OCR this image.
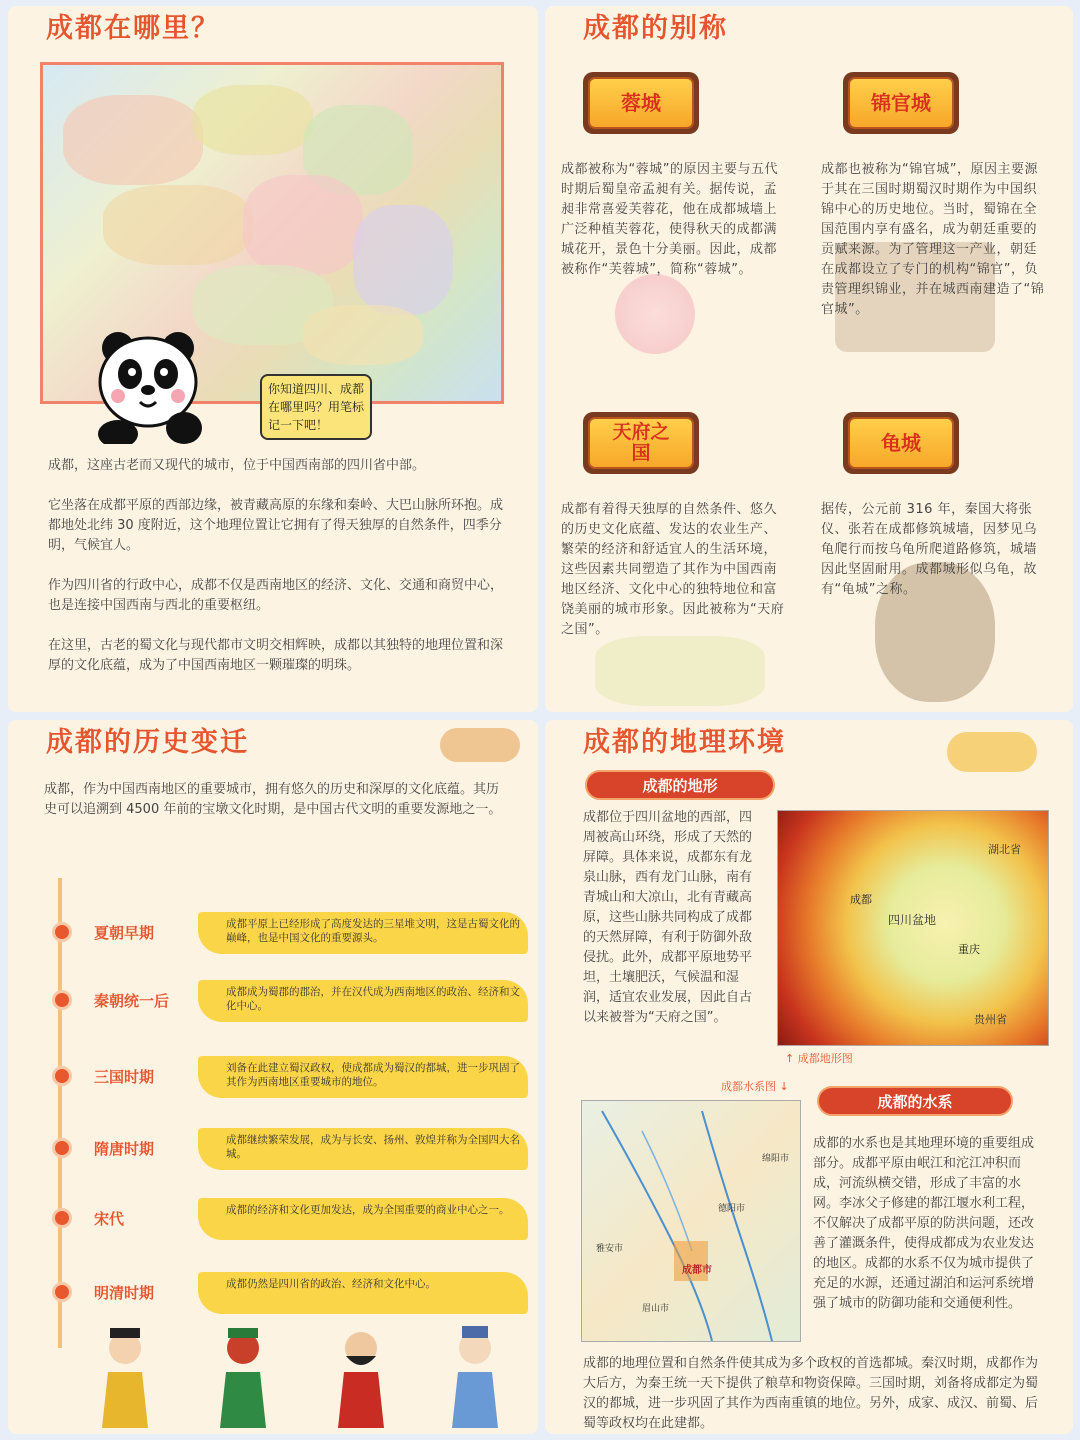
成都在哪里？
你知道四川、成都在哪里吗？用笔标记一下吧！
成都，这座古老而又现代的城市，位于中国西南部的四川省中部。
它坐落在成都平原的西部边缘，被青藏高原的东缘和秦岭、大巴山脉所环抱。成都地处北纬 30 度附近，这个地理位置让它拥有了得天独厚的自然条件，四季分明，气候宜人。
作为四川省的行政中心，成都不仅是西南地区的经济、文化、交通和商贸中心，也是连接中国西南与西北的重要枢纽。
在这里，古老的蜀文化与现代都市文明交相辉映，成都以其独特的地理位置和深厚的文化底蕴，成为了中国西南地区一颗璀璨的明珠。
成都的别称
蓉城
成都被称为“蓉城”的原因主要与五代时期后蜀皇帝孟昶有关。据传说，孟昶非常喜爱芙蓉花，他在成都城墙上广泛种植芙蓉花，使得秋天的成都满城花开，景色十分美丽。因此，成都被称作“芙蓉城”，简称“蓉城”。
锦官城
成都也被称为“锦官城”，原因主要源于其在三国时期蜀汉时期作为中国织锦中心的历史地位。当时，蜀锦在全国范围内享有盛名，成为朝廷重要的贡赋来源。为了管理这一产业，朝廷在成都设立了专门的机构“锦官”，负责管理织锦业，并在城西南建造了“锦官城”。
天府之国
成都有着得天独厚的自然条件、悠久的历史文化底蕴、发达的农业生产、繁荣的经济和舒适宜人的生活环境，这些因素共同塑造了其作为中国西南地区经济、文化中心的独特地位和富饶美丽的城市形象。因此被称为“天府之国”。
龟城
据传，公元前 316 年，秦国大将张仪、张若在成都修筑城墙，因梦见乌龟爬行而按乌龟所爬道路修筑，城墙因此坚固耐用。成都城形似乌龟，故有“龟城”之称。
成都的历史变迁
成都，作为中国西南地区的重要城市，拥有悠久的历史和深厚的文化底蕴。其历史可以追溯到 4500 年前的宝墩文化时期，是中国古代文明的重要发源地之一。
夏朝早期	成都平原上已经形成了高度发达的三星堆文明，这是古蜀文化的巅峰，也是中国文化的重要源头。
秦朝统一后	成都成为蜀郡的郡治，并在汉代成为西南地区的政治、经济和文化中心。
三国时期	刘备在此建立蜀汉政权，使成都成为蜀汉的都城，进一步巩固了其作为西南地区重要城市的地位。
隋唐时期	成都继续繁荣发展，成为与长安、扬州、敦煌并称为全国四大名城。
宋代	成都的经济和文化更加发达，成为全国重要的商业中心之一。
明清时期	成都仍然是四川省的政治、经济和文化中心。
成都的地理环境
成都的地形
成都位于四川盆地的西部，四周被高山环绕，形成了天然的屏障。具体来说，成都东有龙泉山脉，西有龙门山脉，南有青城山和大凉山，北有青藏高原，这些山脉共同构成了成都的天然屏障，有利于防御外敌侵扰。此外，成都平原地势平坦，土壤肥沃，气候温和湿润，适宜农业发展，因此自古以来被誉为“天府之国”。
四川盆地
成都
重庆
湖北省
贵州省
↑ 成都地形图
成都水系图 ↓
成都市
绵阳市
德阳市
眉山市
雅安市
成都的水系
成都的水系也是其地理环境的重要组成部分。成都平原由岷江和沱江冲积而成，河流纵横交错，形成了丰富的水网。李冰父子修建的都江堰水利工程，不仅解决了成都平原的防洪问题，还改善了灌溉条件，使得成都成为农业发达的地区。成都的水系不仅为城市提供了充足的水源，还通过湖泊和运河系统增强了城市的防御功能和交通便利性。
成都的地理位置和自然条件使其成为多个政权的首选都城。秦汉时期，成都作为大后方，为秦王统一天下提供了粮草和物资保障。三国时期，刘备将成都定为蜀汉的都城，进一步巩固了其作为西南重镇的地位。另外，成家、成汉、前蜀、后蜀等政权均在此建都。
